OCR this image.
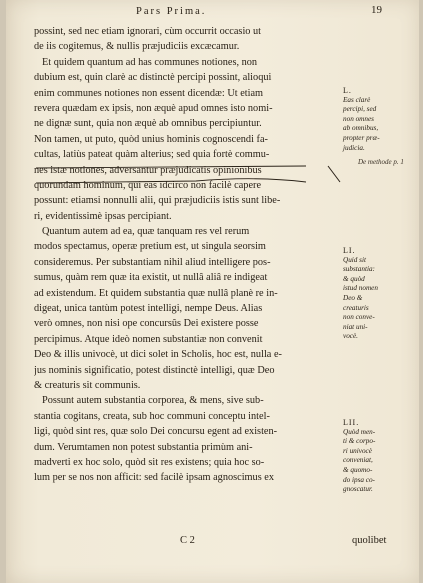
Pars Prima.	19
possint, sed nec etiam ignorari, cùm occurrit occasio ut
de iis cogitemus, & nullis præjudiciis excæcamur.
Et quidem quantum ad has communes notiones, non
dubium est, quin clarè ac distinctè percipi possint, alioqui
enim communes notiones non essent dicendæ: Ut etiam
revera quædam ex ipsis, non æquè apud omnes isto nomi-
ne dignæ sunt, quia non æquè ab omnibus percipiuntur.
Non tamen, ut puto, quòd unius hominis cognoscendi fa-
cultas, latiùs pateat quàm alterius; sed quia fortè commu-
nes istæ notiones, adversantur præjudicatis opinionibus
quorundam hominum, qui eas idcirco non facilè capere
possunt: etiamsi nonnulli alii, qui præjudiciis istis sunt libe-
ri, evidentissimè ipsas percipiant.
Quantum autem ad ea, quæ tanquam res vel rerum
modos spectamus, operæ pretium est, ut singula seorsim
consideremus. Per substantiam nihil aliud intelligere pos-
sumus, quàm rem quæ ita existit, ut nullâ aliâ re indigeat
ad existendum. Et quidem substantia quæ nullâ planè re in-
digeat, unica tantùm potest intelligi, nempe Deus. Alias
verò omnes, non nisi ope concursûs Dei existere posse
percipimus. Atque ideò nomen substantiæ non convenit
Deo & illis univocè, ut dici solet in Scholis, hoc est, nulla e-
jus nominis significatio, potest distinctè intelligi, quæ Deo
& creaturis sit communis.
Possunt autem substantia corporea, & mens, sive sub-
stantia cogitans, creata, sub hoc communi conceptu intel-
ligi, quòd sint res, quæ solo Dei concursu egent ad existen-
dum. Verumtamen non potest substantia primùm ani-
madverti ex hoc solo, quòd sit res existens; quia hoc so-
lum per se nos non afficit: sed facilè ipsam agnoscimus ex
L.
Eas clarè
percipi, sed
non omnes
ab omnibus,
propter præ-
judicia.
De methode p. 1
LI.
Quid sit
substantia:
& quòd
istud nomen
Deo &
creaturis
non conve-
niat uni-
vocè.
LII.
Quòd men-
ti & corpo-
ri univocè
conveniat,
& quomo-
do ipsa co-
gnoscatur.
C 2	quolibet
